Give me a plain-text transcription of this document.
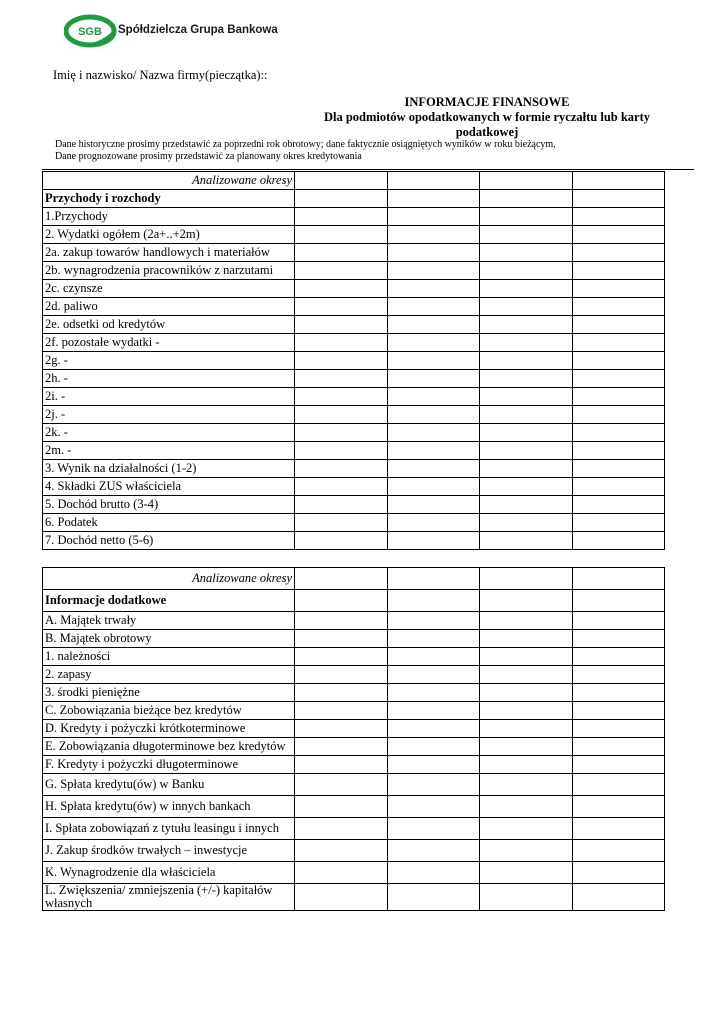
SGB Spółdzielcza Grupa Bankowa
Imię i nazwisko/ Nazwa firmy(pieczątka)::
INFORMACJE FINANSOWE
Dla podmiotów opodatkowanych w formie ryczałtu lub karty
podatkowej
Dane historyczne prosimy przedstawić za poprzedni rok obrotowy; dane faktycznie osiągniętych wyników w roku bieżącym,
Dane prognozowane prosimy przedstawić za planowany okres kredytowania
Analizowane okresy				
Przychody i rozchody				
1.Przychody				
2. Wydatki ogółem (2a+..+2m)				
2a. zakup towarów handlowych i materiałów				
2b. wynagrodzenia pracowników z narzutami				
2c. czynsze				
2d. paliwo				
2e. odsetki od kredytów				
2f. pozostałe wydatki -				
2g. -				
2h. -				
2i. -				
2j. -				
2k. -				
2m. -				
3. Wynik na działalności (1-2)				
4. Składki ZUS właściciela				
5. Dochód brutto (3-4)				
6. Podatek				
7. Dochód netto (5-6)				
Analizowane okresy				
Informacje dodatkowe				
A. Majątek trwały				
B. Majątek obrotowy				
1. należności				
2. zapasy				
3. środki pieniężne				
C. Zobowiązania bieżące bez kredytów				
D. Kredyty i pożyczki krótkoterminowe				
E. Zobowiązania długoterminowe bez kredytów				
F. Kredyty i pożyczki długoterminowe				
G. Spłata kredytu(ów) w Banku				
H. Spłata kredytu(ów) w innych bankach				
I. Spłata zobowiązań z tytułu leasingu i innych				
J. Zakup środków trwałych – inwestycje				
K. Wynagrodzenie dla właściciela				
L. Zwiększenia/ zmniejszenia (+/-) kapitałów własnych				
